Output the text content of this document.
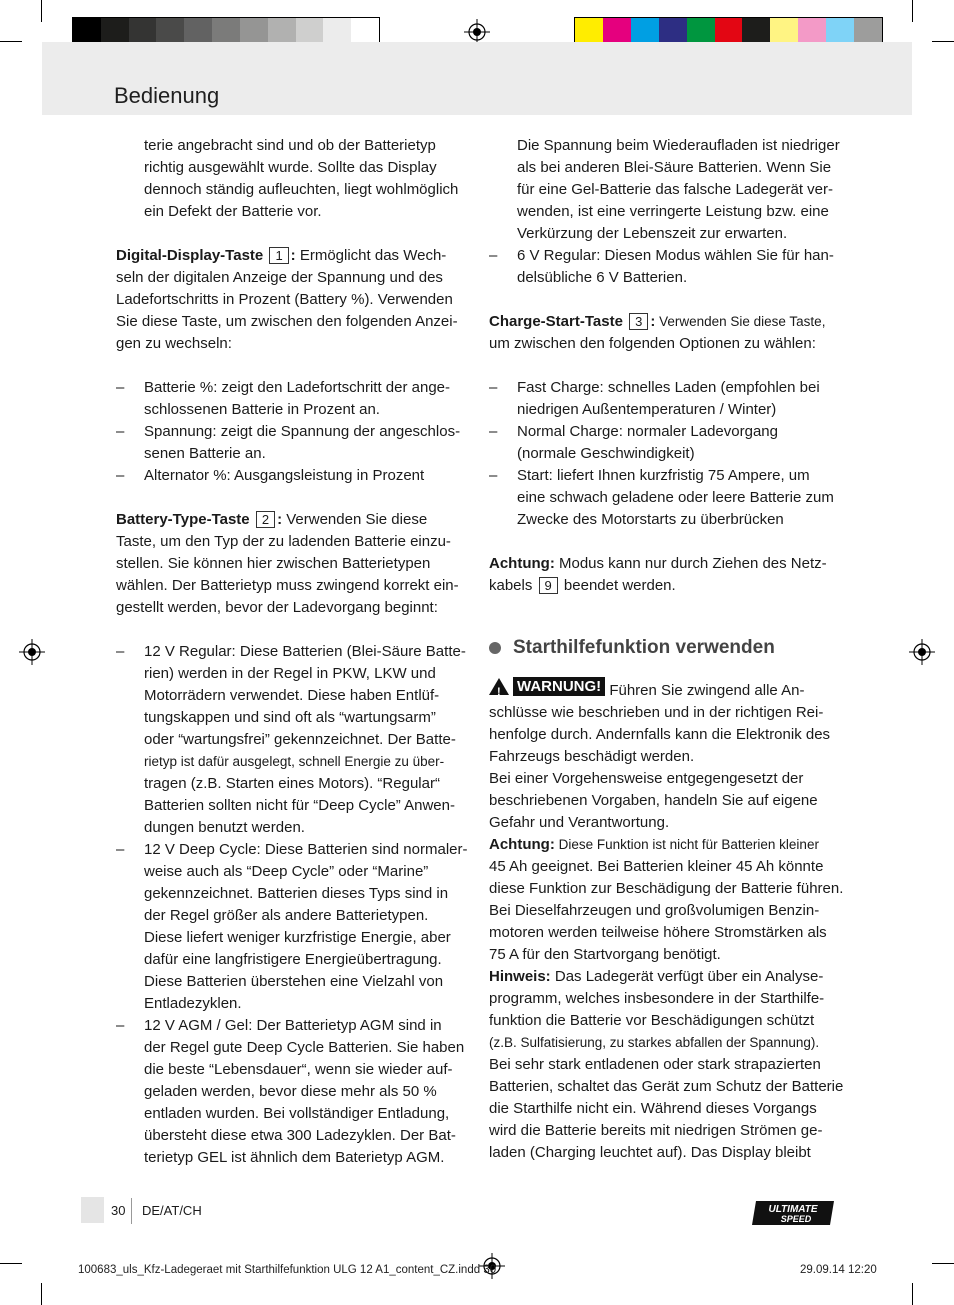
Bedienung

terie angebracht sind und ob der Batterietyp

richtig ausgewählt wurde. Sollte das Display

dennoch ständig aufleuchten, liegt wohlmöglich

ein Defekt der Batterie vor.

Digital-Display-Taste 1 : Ermöglicht das Wech-

seln der digitalen Anzeige der Spannung und des

Ladefortschritts in Prozent (Battery %). Verwenden

Sie diese Taste, um zwischen den folgenden Anzei-

gen zu wechseln:

– Batterie %: zeigt den Ladefortschritt der ange-

schlossenen Batterie in Prozent an.

– Spannung: zeigt die Spannung der angeschlos-

senen Batterie an.

– Alternator %: Ausgangsleistung in Prozent

Battery-Type-Taste 2 : Verwenden Sie diese

Taste, um den Typ der zu ladenden Batterie einzu-

stellen. Sie können hier zwischen Batterietypen

wählen. Der Batterietyp muss zwingend korrekt ein-

gestellt werden, bevor der Ladevorgang beginnt:

– 12 V Regular: Diese Batterien (Blei-Säure Batte-

rien) werden in der Regel in PKW, LKW und

Motorrädern verwendet. Diese haben Entlüf-

tungskappen und sind oft als “wartungsarm”

oder “wartungsfrei” gekennzeichnet. Der Batte-

rietyp ist dafür ausgelegt, schnell Energie zu über-

tragen (z.B. Starten eines Motors). “Regular“

Batterien sollten nicht für “Deep Cycle” Anwen-

dungen benutzt werden.

– 12 V Deep Cycle: Diese Batterien sind normaler-

weise auch als “Deep Cycle” oder “Marine”

gekennzeichnet. Batterien dieses Typs sind in

der Regel größer als andere Batterietypen.

Diese liefert weniger kurzfristige Energie, aber

dafür eine langfristigere Energieübertragung.

Diese Batterien überstehen eine Vielzahl von

Entladezyklen.

– 12 V AGM / Gel: Der Batterietyp AGM sind in

der Regel gute Deep Cycle Batterien. Sie haben

die beste “Lebensdauer“, wenn sie wieder auf-

geladen werden, bevor diese mehr als 50 %

entladen wurden. Bei vollständiger Entladung,

übersteht diese etwa 300 Ladezyklen. Der Bat-

terietyp GEL ist ähnlich dem Baterietyp AGM.

Die Spannung beim Wiederaufladen ist niedriger

als bei anderen Blei-Säure Batterien. Wenn Sie

für eine Gel-Batterie das falsche Ladegerät ver-

wenden, ist eine verringerte Leistung bzw. eine

Verkürzung der Lebenszeit zur erwarten.

– 6 V Regular: Diesen Modus wählen Sie für han-

delsübliche 6 V Batterien.

Charge-Start-Taste 3 : Verwenden Sie diese Taste,

um zwischen den folgenden Optionen zu wählen:

– Fast Charge: schnelles Laden (empfohlen bei

niedrigen Außentemperaturen / Winter)

– Normal Charge: normaler Ladevorgang

(normale Geschwindigkeit)

– Start: liefert Ihnen kurzfristig 75 Ampere, um

eine schwach geladene oder leere Batterie zum

Zwecke des Motorstarts zu überbrücken

Achtung: Modus kann nur durch Ziehen des Netz-

kabels 9 beendet werden.

Starthilfefunktion verwenden

!
WARNUNG! Führen Sie zwingend alle An-

schlüsse wie beschrieben und in der richtigen Rei-

henfolge durch. Andernfalls kann die Elektronik des

Fahrzeugs beschädigt werden.

Bei einer Vorgehensweise entgegengesetzt der

beschriebenen Vorgaben, handeln Sie auf eigene

Gefahr und Verantwortung.

Achtung: Diese Funktion ist nicht für Batterien kleiner

45 Ah geeignet. Bei Batterien kleiner 45 Ah könnte

diese Funktion zur Beschädigung der Batterie führen.

Bei Dieselfahrzeugen und großvolumigen Benzin-

motoren werden teilweise höhere Stromstärken als

75 A für den Startvorgang benötigt.

Hinweis: Das Ladegerät verfügt über ein Analyse-

programm, welches insbesondere in der Starthilfe-

funktion die Batterie vor Beschädigungen schützt

(z.B. Sulfatisierung, zu starkes abfallen der Spannung).

Bei sehr stark entladenen oder stark strapazierten

Batterien, schaltet das Gerät zum Schutz der Batterie

die Starthilfe nicht ein. Während dieses Vorgangs

wird die Batterie bereits mit niedrigen Strömen ge-

laden (Charging leuchtet auf). Das Display bleibt

30 DE/AT/CH	ULTIMATE
SPEED
100683_uls_Kfz-Ladegeraet mit Starthilfefunktion ULG 12 A1_content_CZ.indd 30	29.09.14 12:20
